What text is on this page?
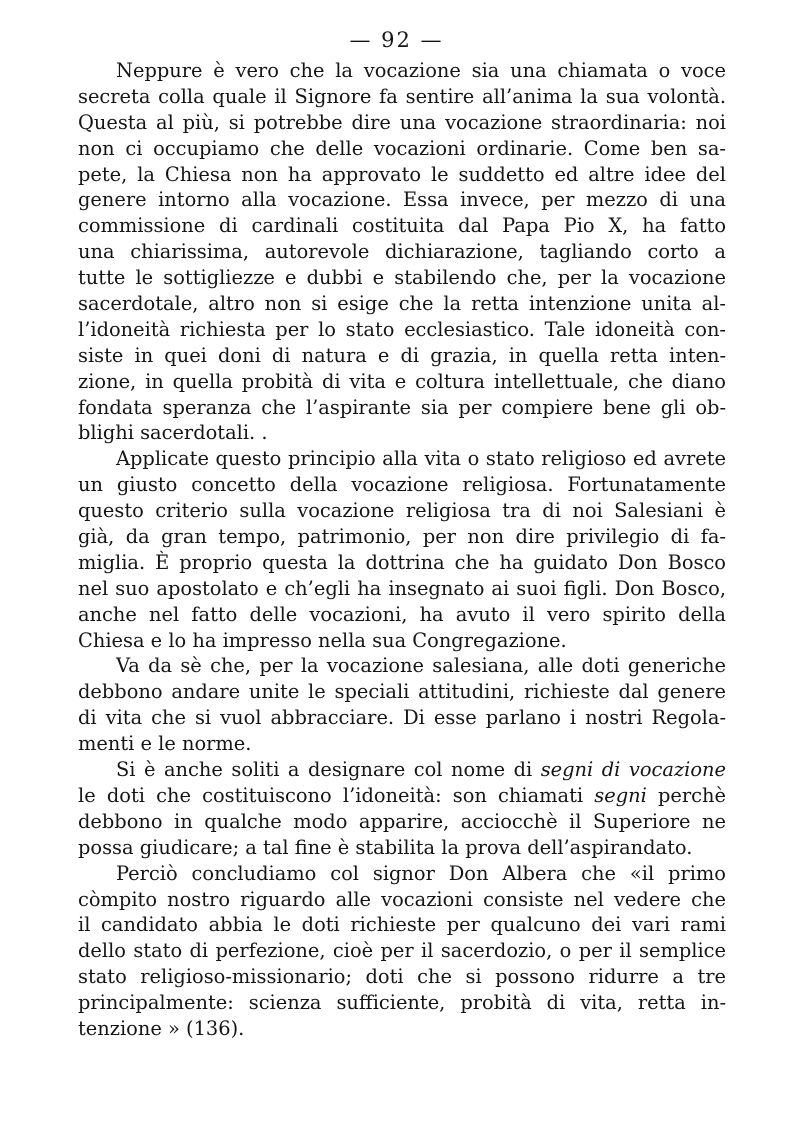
— 92 —
Neppure è vero che la vocazione sia una chiamata o voce
secreta colla quale il Signore fa sentire all’anima la sua volontà.
Questa al più, si potrebbe dire una vocazione straordinaria: noi
non ci occupiamo che delle vocazioni ordinarie. Come ben sa-
pete, la Chiesa non ha approvato le suddetto ed altre idee del
genere intorno alla vocazione. Essa invece, per mezzo di una
commissione di cardinali costituita dal Papa Pio X, ha fatto
una chiarissima, autorevole dichiarazione, tagliando corto a
tutte le sottigliezze e dubbi e stabilendo che, per la vocazione
sacerdotale, altro non si esige che la retta intenzione unita al-
l’idoneità richiesta per lo stato ecclesiastico. Tale idoneità con-
siste in quei doni di natura e di grazia, in quella retta inten-
zione, in quella probità di vita e coltura intellettuale, che diano
fondata speranza che l’aspirante sia per compiere bene gli ob-
blighi sacerdotali. .
Applicate questo principio alla vita o stato religioso ed avrete
un giusto concetto della vocazione religiosa. Fortunatamente
questo criterio sulla vocazione religiosa tra di noi Salesiani è
già, da gran tempo, patrimonio, per non dire privilegio di fa-
miglia. È proprio questa la dottrina che ha guidato Don Bosco
nel suo apostolato e ch’egli ha insegnato ai suoi figli. Don Bosco,
anche nel fatto delle vocazioni, ha avuto il vero spirito della
Chiesa e lo ha impresso nella sua Congregazione.
Va da sè che, per la vocazione salesiana, alle doti generiche
debbono andare unite le speciali attitudini, richieste dal genere
di vita che si vuol abbracciare. Di esse parlano i nostri Regola-
menti e le norme.
Si è anche soliti a designare col nome di segni di vocazione
le doti che costituiscono l’idoneità: son chiamati segni perchè
debbono in qualche modo apparire, acciocchè il Superiore ne
possa giudicare; a tal fine è stabilita la prova dell’aspirandato.
Perciò concludiamo col signor Don Albera che «il primo
còmpito nostro riguardo alle vocazioni consiste nel vedere che
il candidato abbia le doti richieste per qualcuno dei vari rami
dello stato di perfezione, cioè per il sacerdozio, o per il semplice
stato religioso-missionario; doti che si possono ridurre a tre
principalmente: scienza sufficiente, probità di vita, retta in-
tenzione » (136).
